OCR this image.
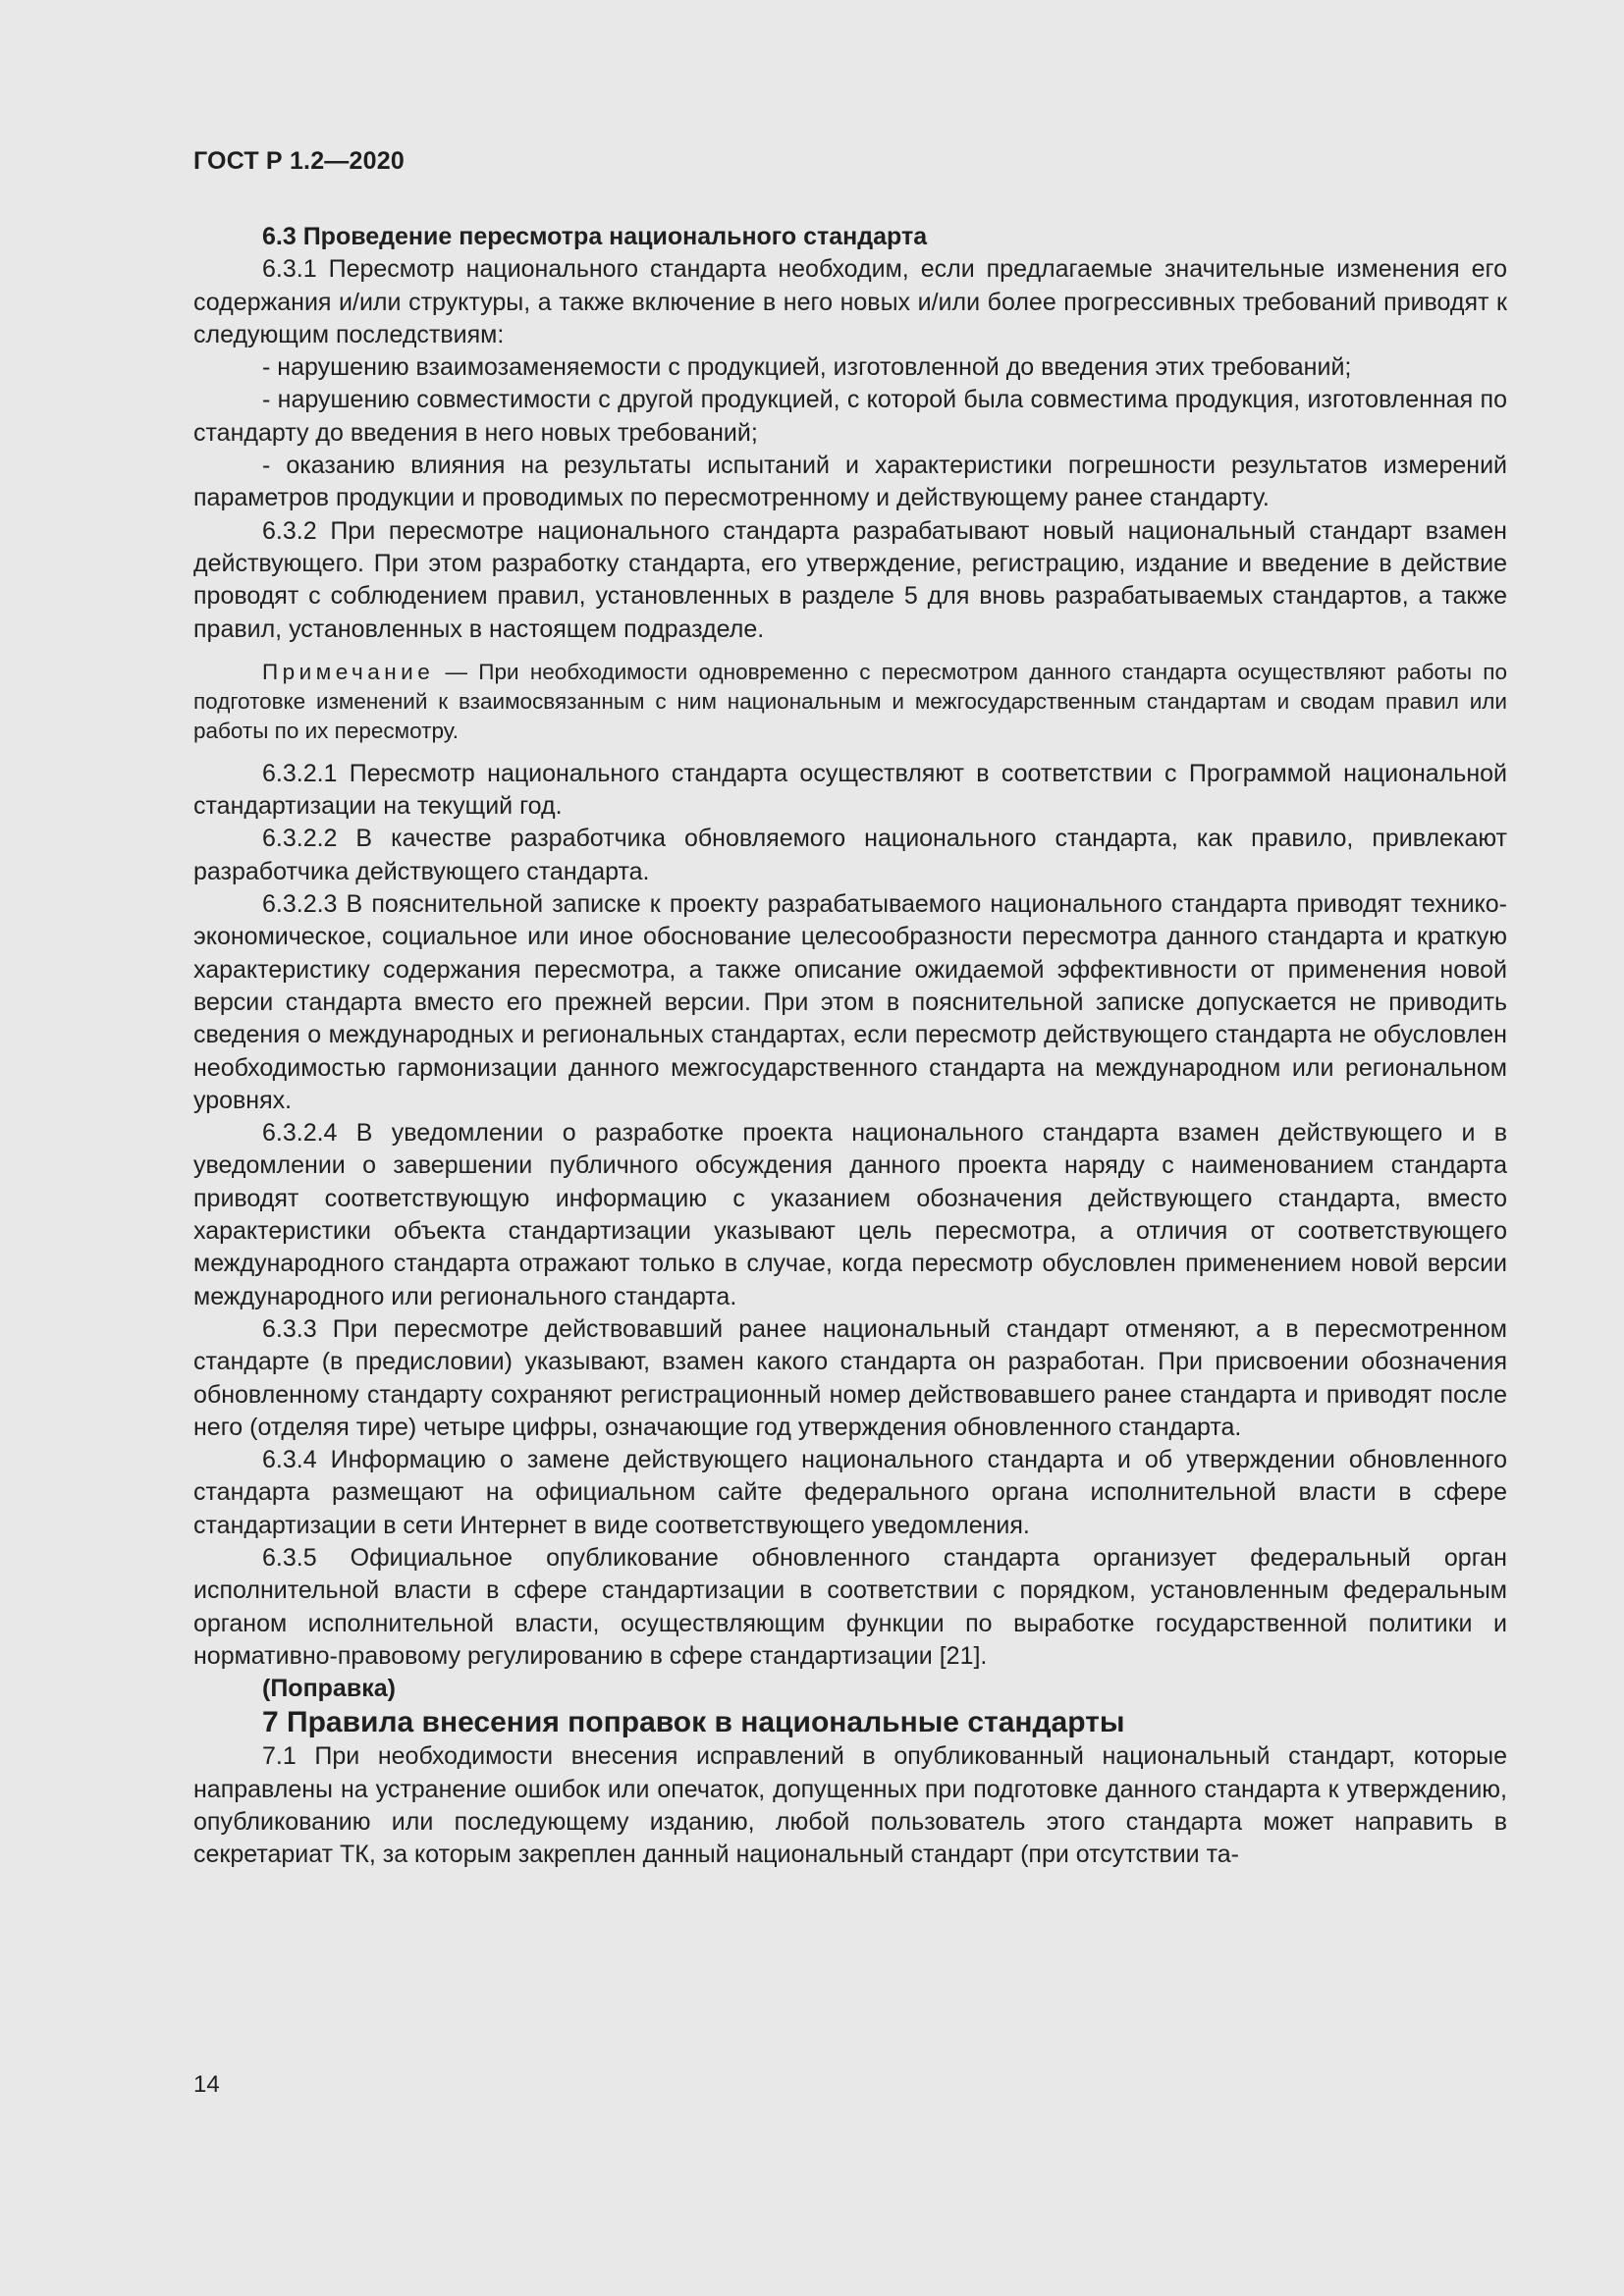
ГОСТ Р 1.2—2020

6.3 Проведение пересмотра национального стандарта

6.3.1 Пересмотр национального стандарта необходим, если предлагаемые значительные изменения его содержания и/или структуры, а также включение в него новых и/или более прогрессивных требований приводят к следующим последствиям:

- нарушению взаимозаменяемости с продукцией, изготовленной до введения этих требований;

- нарушению совместимости с другой продукцией, с которой была совместима продукция, изготовленная по стандарту до введения в него новых требований;

- оказанию влияния на результаты испытаний и характеристики погрешности результатов измерений параметров продукции и проводимых по пересмотренному и действующему ранее стандарту.

6.3.2 При пересмотре национального стандарта разрабатывают новый национальный стандарт взамен действующего. При этом разработку стандарта, его утверждение, регистрацию, издание и введение в действие проводят с соблюдением правил, установленных в разделе 5 для вновь разрабатываемых стандартов, а также правил, установленных в настоящем подразделе.

Примечание — При необходимости одновременно с пересмотром данного стандарта осуществляют работы по подготовке изменений к взаимосвязанным с ним национальным и межгосударственным стандартам и сводам правил или работы по их пересмотру.

6.3.2.1 Пересмотр национального стандарта осуществляют в соответствии с Программой национальной стандартизации на текущий год.

6.3.2.2 В качестве разработчика обновляемого национального стандарта, как правило, привлекают разработчика действующего стандарта.

6.3.2.3 В пояснительной записке к проекту разрабатываемого национального стандарта приводят технико-экономическое, социальное или иное обоснование целесообразности пересмотра данного стандарта и краткую характеристику содержания пересмотра, а также описание ожидаемой эффективности от применения новой версии стандарта вместо его прежней версии. При этом в пояснительной записке допускается не приводить сведения о международных и региональных стандартах, если пересмотр действующего стандарта не обусловлен необходимостью гармонизации данного межгосударственного стандарта на международном или региональном уровнях.

6.3.2.4 В уведомлении о разработке проекта национального стандарта взамен действующего и в уведомлении о завершении публичного обсуждения данного проекта наряду с наименованием стандарта приводят соответствующую информацию с указанием обозначения действующего стандарта, вместо характеристики объекта стандартизации указывают цель пересмотра, а отличия от соответствующего международного стандарта отражают только в случае, когда пересмотр обусловлен применением новой версии международного или регионального стандарта.

6.3.3 При пересмотре действовавший ранее национальный стандарт отменяют, а в пересмотренном стандарте (в предисловии) указывают, взамен какого стандарта он разработан. При присвоении обозначения обновленному стандарту сохраняют регистрационный номер действовавшего ранее стандарта и приводят после него (отделяя тире) четыре цифры, означающие год утверждения обновленного стандарта.

6.3.4 Информацию о замене действующего национального стандарта и об утверждении обновленного стандарта размещают на официальном сайте федерального органа исполнительной власти в сфере стандартизации в сети Интернет в виде соответствующего уведомления.

6.3.5 Официальное опубликование обновленного стандарта организует федеральный орган исполнительной власти в сфере стандартизации в соответствии с порядком, установленным федеральным органом исполнительной власти, осуществляющим функции по выработке государственной политики и нормативно-правовому регулированию в сфере стандартизации [21].

(Поправка)

7 Правила внесения поправок в национальные стандарты

7.1 При необходимости внесения исправлений в опубликованный национальный стандарт, которые направлены на устранение ошибок или опечаток, допущенных при подготовке данного стандарта к утверждению, опубликованию или последующему изданию, любой пользователь этого стандарта может направить в секретариат ТК, за которым закреплен данный национальный стандарт (при отсутствии та-

14
